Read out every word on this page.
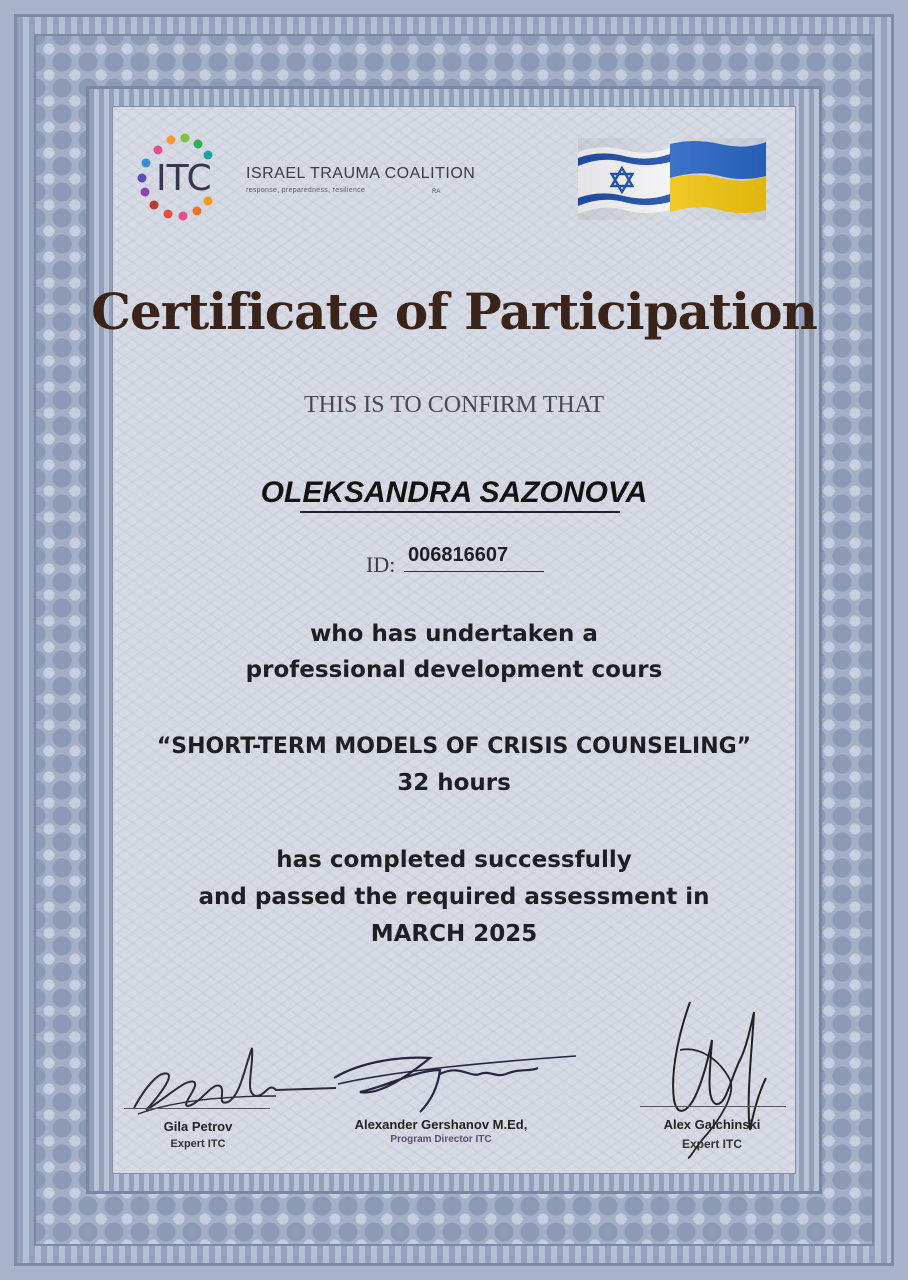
ITC ISRAEL TRAUMA COALITION
response, preparedness, resilience	RA
Certificate of Participation
THIS IS TO CONFIRM THAT
OLEKSANDRA SAZONOVA
ID: 006816607
who has undertaken a
professional development cours
“SHORT-TERM MODELS OF CRISIS COUNSELING”
32 hours
has completed successfully
and passed the required assessment in
MARCH 2025
Gila Petrov
Expert ITC
Alexander Gershanov M.Ed,
Program Director ITC
Alex Galchinski
Expert ITC
